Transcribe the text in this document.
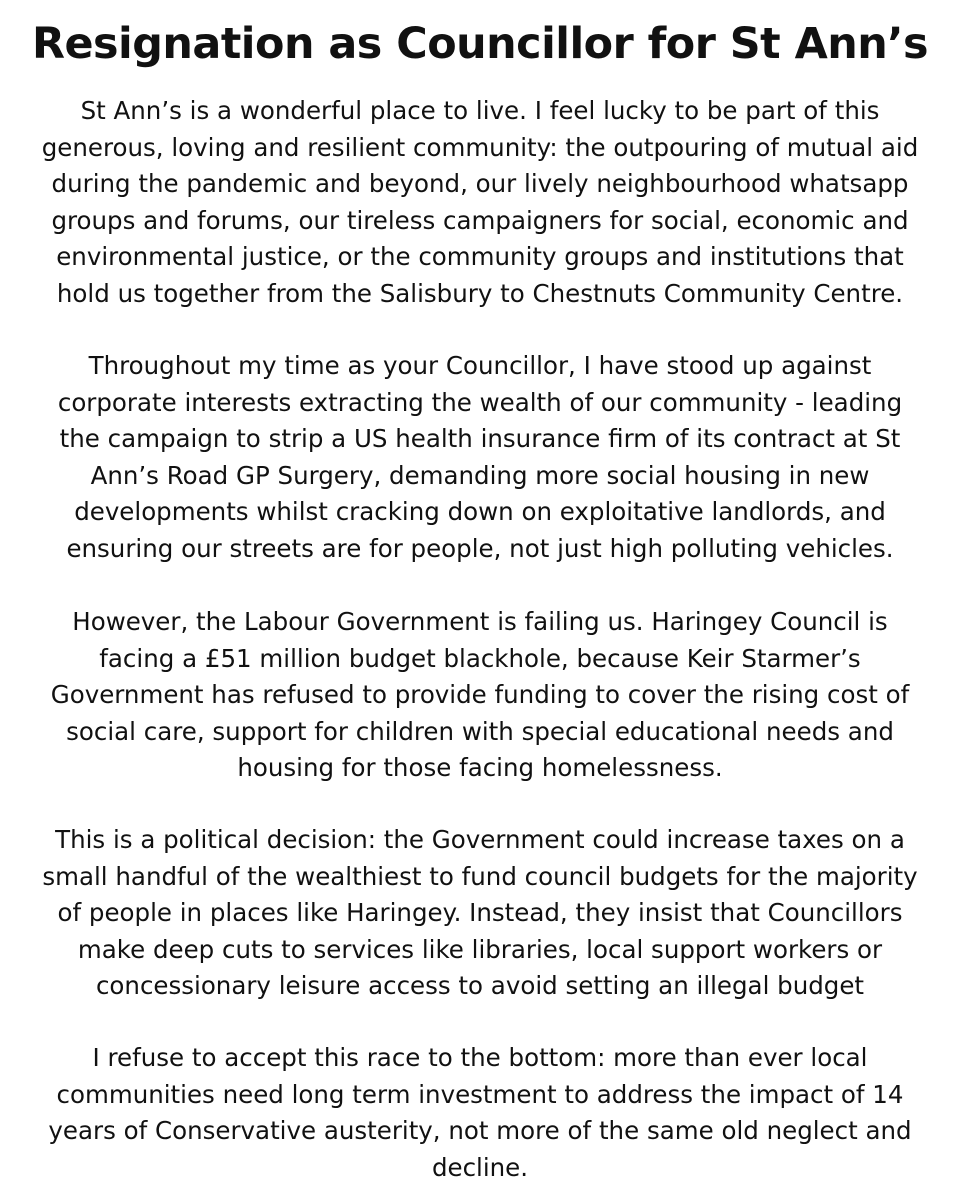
Resignation as Councillor for St Ann’s

St Ann’s is a wonderful place to live. I feel lucky to be part of this
generous, loving and resilient community: the outpouring of mutual aid
during the pandemic and beyond, our lively neighbourhood whatsapp
groups and forums, our tireless campaigners for social, economic and
environmental justice, or the community groups and institutions that
hold us together from the Salisbury to Chestnuts Community Centre.

Throughout my time as your Councillor, I have stood up against
corporate interests extracting the wealth of our community - leading
the campaign to strip a US health insurance firm of its contract at St
Ann’s Road GP Surgery, demanding more social housing in new
developments whilst cracking down on exploitative landlords, and
ensuring our streets are for people, not just high polluting vehicles.

However, the Labour Government is failing us. Haringey Council is
facing a £51 million budget blackhole, because Keir Starmer’s
Government has refused to provide funding to cover the rising cost of
social care, support for children with special educational needs and
housing for those facing homelessness.

This is a political decision: the Government could increase taxes on a
small handful of the wealthiest to fund council budgets for the majority
of people in places like Haringey. Instead, they insist that Councillors
make deep cuts to services like libraries, local support workers or
concessionary leisure access to avoid setting an illegal budget

I refuse to accept this race to the bottom: more than ever local
communities need long term investment to address the impact of 14
years of Conservative austerity, not more of the same old neglect and
decline.
